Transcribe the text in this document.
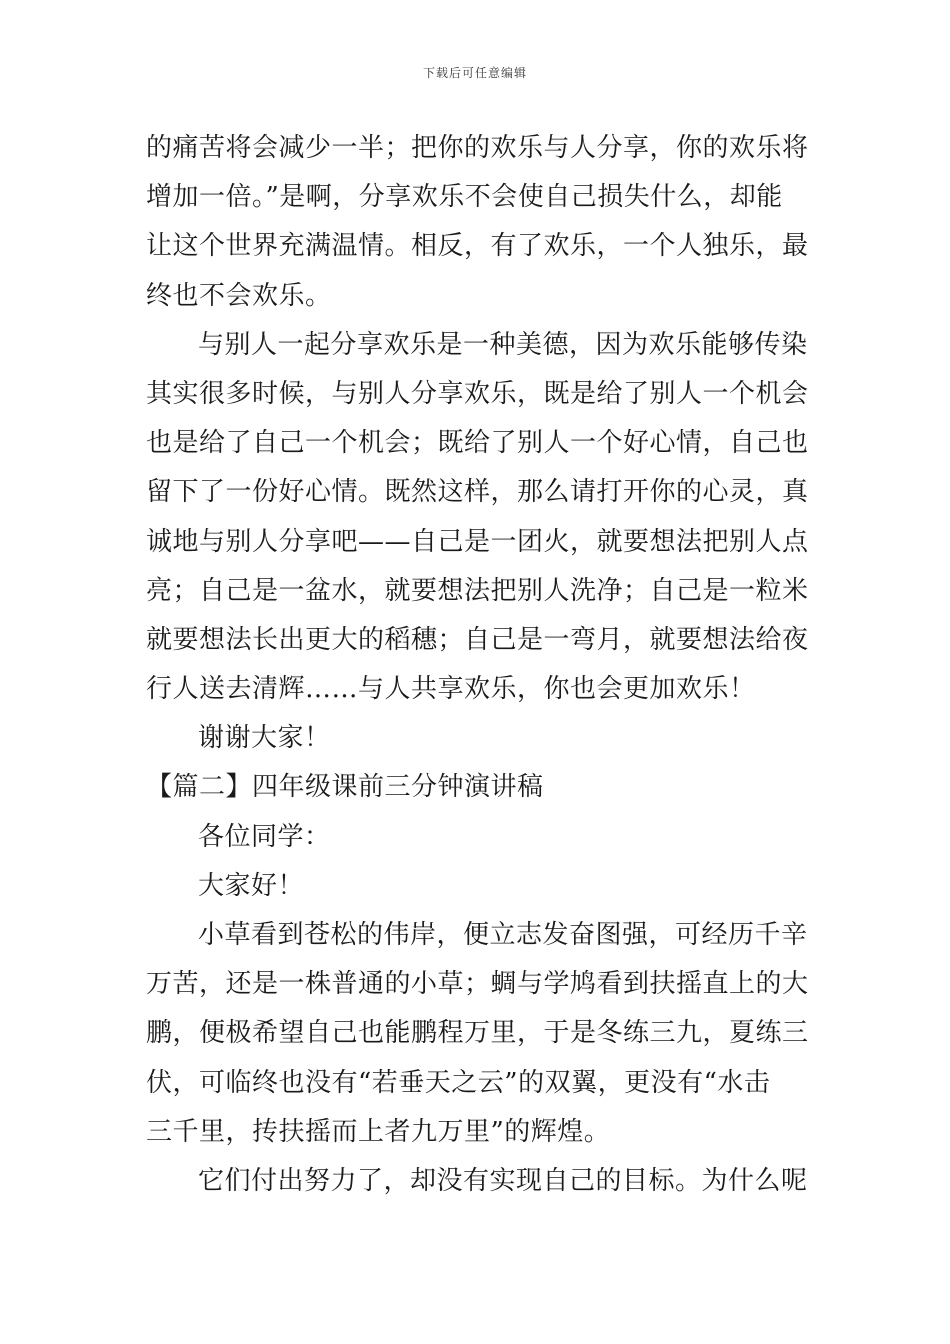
下载后可任意编辑
的痛苦将会减少一半；把你的欢乐与人分享，你的欢乐将
增加一倍。”是啊，分享欢乐不会使自己损失什么，却能
让这个世界充满温情。相反，有了欢乐，一个人独乐，最
终也不会欢乐。
与别人一起分享欢乐是一种美德，因为欢乐能够传染
其实很多时候，与别人分享欢乐，既是给了别人一个机会
也是给了自己一个机会；既给了别人一个好心情，自己也
留下了一份好心情。既然这样，那么请打开你的心灵，真
诚地与别人分享吧——自己是一团火，就要想法把别人点
亮；自己是一盆水，就要想法把别人洗净；自己是一粒米
就要想法长出更大的稻穗；自己是一弯月，就要想法给夜
行人送去清辉……与人共享欢乐，你也会更加欢乐！
谢谢大家！
【篇二】四年级课前三分钟演讲稿
各位同学：
大家好！
小草看到苍松的伟岸，便立志发奋图强，可经历千辛
万苦，还是一株普通的小草；蜩与学鸠看到扶摇直上的大
鹏，便极希望自己也能鹏程万里，于是冬练三九，夏练三
伏，可临终也没有“若垂天之云”的双翼，更没有“水击
三千里，抟扶摇而上者九万里”的辉煌。
它们付出努力了，却没有实现自己的目标。为什么呢
